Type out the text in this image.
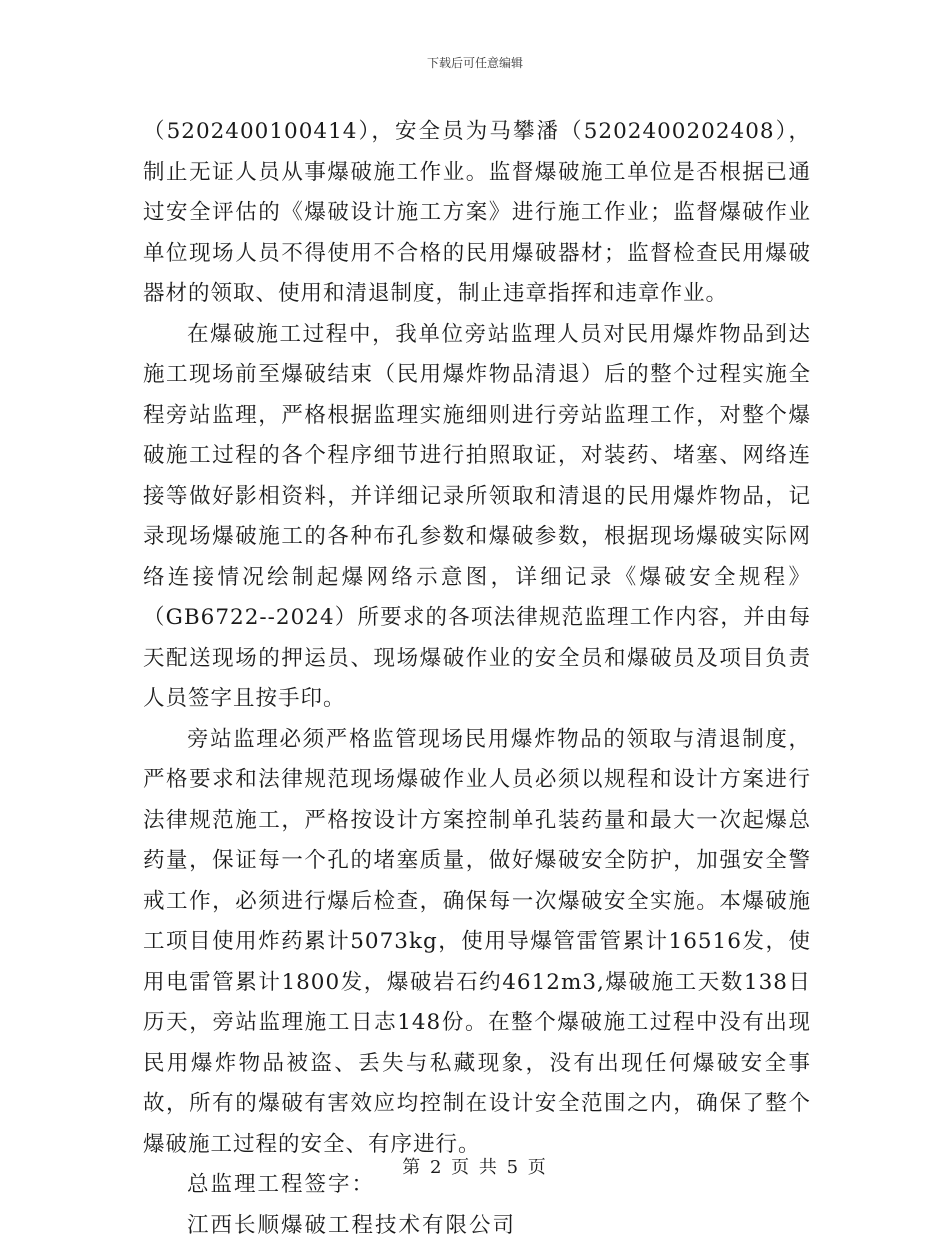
下载后可任意编辑

（5202400100414），安全员为马攀潘（5202400202408），制止无证人员从事爆破施工作业。监督爆破施工单位是否根据已通过安全评估的《爆破设计施工方案》进行施工作业；监督爆破作业单位现场人员不得使用不合格的民用爆破器材；监督检查民用爆破器材的领取、使用和清退制度，制止违章指挥和违章作业。

在爆破施工过程中，我单位旁站监理人员对民用爆炸物品到达施工现场前至爆破结束（民用爆炸物品清退）后的整个过程实施全程旁站监理，严格根据监理实施细则进行旁站监理工作，对整个爆破施工过程的各个程序细节进行拍照取证，对装药、堵塞、网络连接等做好影相资料，并详细记录所领取和清退的民用爆炸物品，记录现场爆破施工的各种布孔参数和爆破参数，根据现场爆破实际网络连接情况绘制起爆网络示意图，详细记录《爆破安全规程》（GB6722--2024）所要求的各项法律规范监理工作内容，并由每天配送现场的押运员、现场爆破作业的安全员和爆破员及项目负责人员签字且按手印。

旁站监理必须严格监管现场民用爆炸物品的领取与清退制度，严格要求和法律规范现场爆破作业人员必须以规程和设计方案进行法律规范施工，严格按设计方案控制单孔装药量和最大一次起爆总药量，保证每一个孔的堵塞质量，做好爆破安全防护，加强安全警戒工作，必须进行爆后检查，确保每一次爆破安全实施。本爆破施工项目使用炸药累计5073kg，使用导爆管雷管累计16516发，使用电雷管累计1800发，爆破岩石约4612m3,爆破施工天数138日历天，旁站监理施工日志148份。在整个爆破施工过程中没有出现民用爆炸物品被盗、丢失与私藏现象，没有出现任何爆破安全事故，所有的爆破有害效应均控制在设计安全范围之内，确保了整个爆破施工过程的安全、有序进行。

总监理工程签字：

江西长顺爆破工程技术有限公司

第 2 页 共 5 页
